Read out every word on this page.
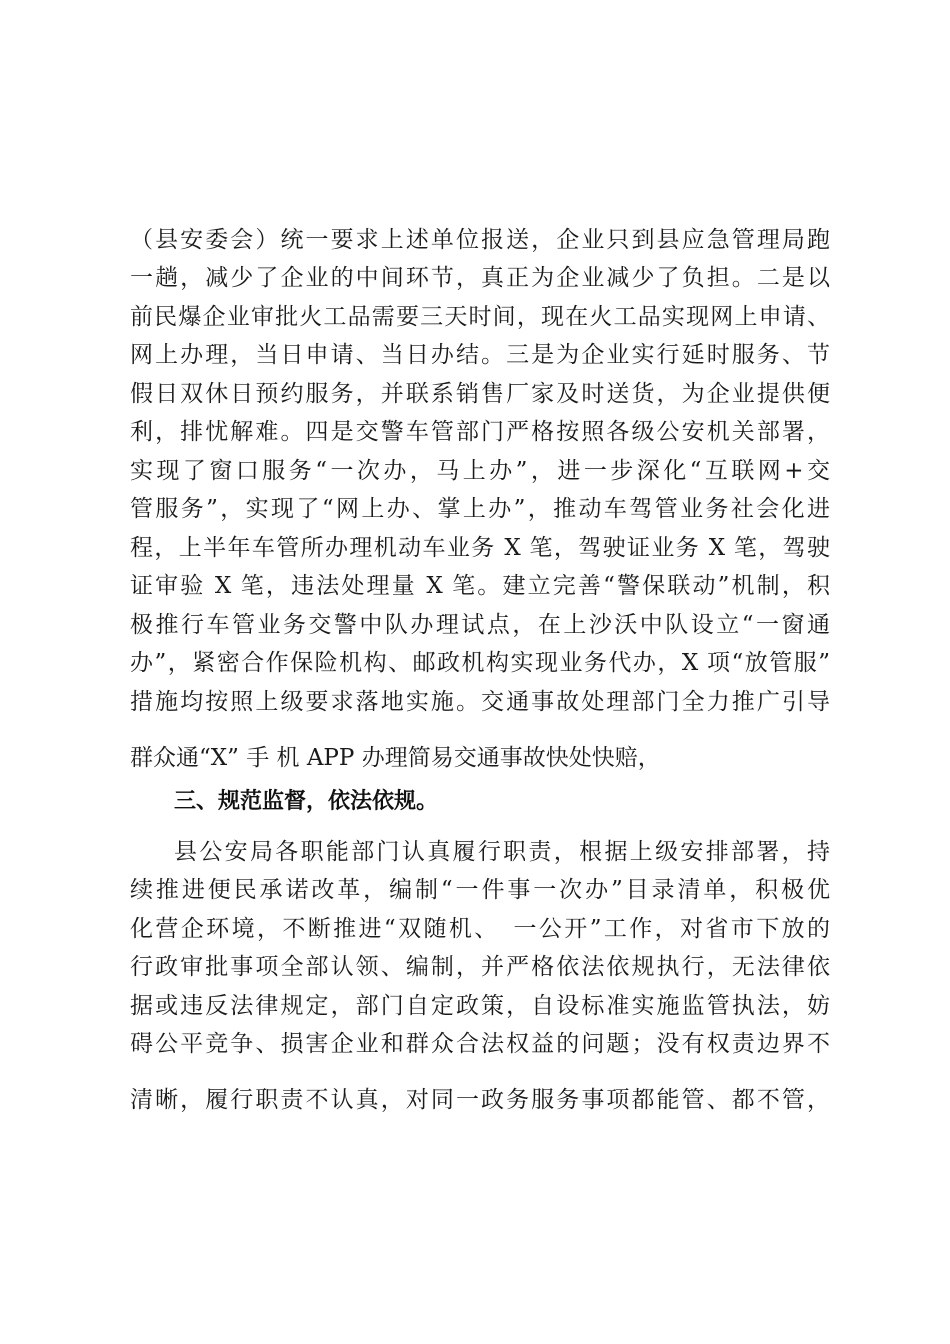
（县安委会）统一要求上述单位报送，企业只到县应急管理局跑
一趟，减少了企业的中间环节，真正为企业减少了负担。二是以
前民爆企业审批火工品需要三天时间，现在火工品实现网上申请、
网上办理，当日申请、当日办结。三是为企业实行延时服务、节
假日双休日预约服务，并联系销售厂家及时送货，为企业提供便
利，排忧解难。四是交警车管部门严格按照各级公安机关部署，
实现了窗口服务“一次办，马上办”，进一步深化“互联网+交
管服务”，实现了“网上办、掌上办”，推动车驾管业务社会化进
程，上半年车管所办理机动车业务 X 笔，驾驶证业务 X 笔，驾驶
证审验 X 笔，违法处理量 X 笔。建立完善“警保联动”机制，积
极推行车管业务交警中队办理试点，在上沙沃中队设立“一窗通
办”，紧密合作保险机构、邮政机构实现业务代办，X 项“放管服”
措施均按照上级要求落地实施。交通事故处理部门全力推广引导
群众通“X” 手 机 APP 办理简易交通事故快处快赔，
三、规范监督，依法依规。
县公安局各职能部门认真履行职责，根据上级安排部署，持
续推进便民承诺改革，编制“一件事一次办”目录清单，积极优
化营企环境，不断推进“双随机、　一公开”工作，对省市下放的
行政审批事项全部认领、编制，并严格依法依规执行，无法律依
据或违反法律规定，部门自定政策，自设标准实施监管执法，妨
碍公平竞争、损害企业和群众合法权益的问题；没有权责边界不
清晰，履行职责不认真，对同一政务服务事项都能管、都不管，
